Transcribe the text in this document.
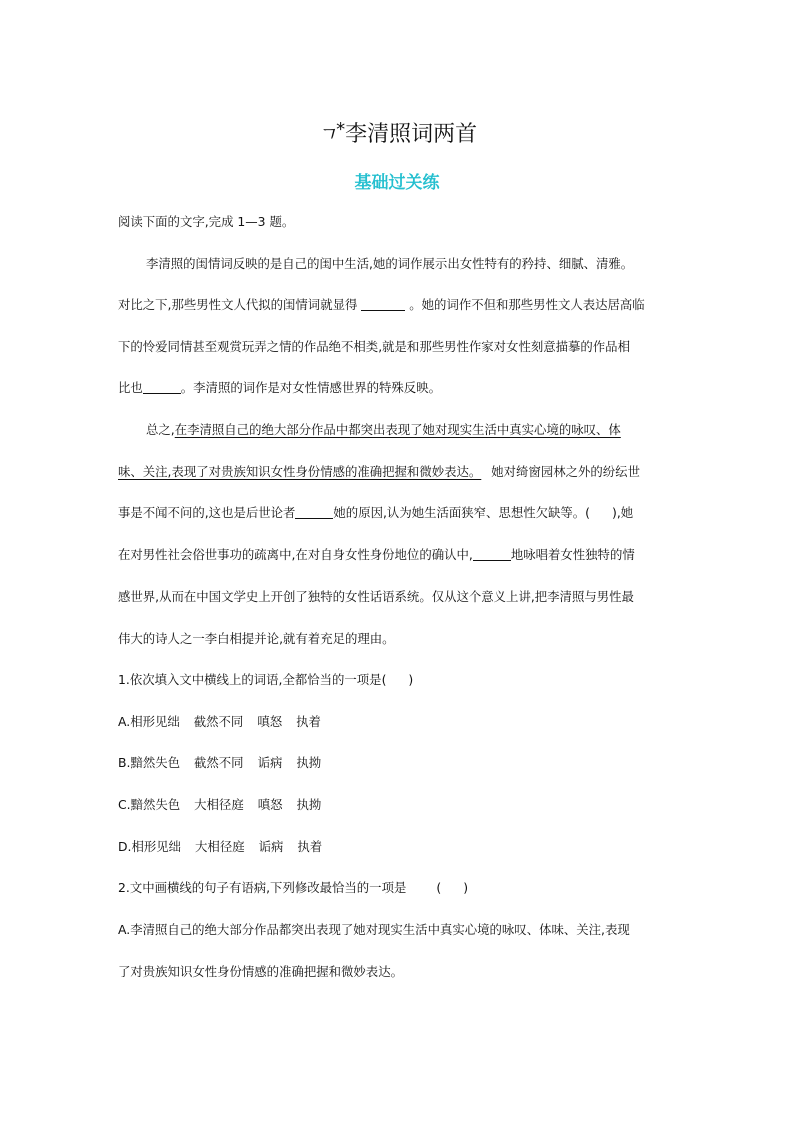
ㄱ*李清照词两首
基础过关练
阅读下面的文字,完成 1—3 题。
李清照的闺情词反映的是自己的闺中生活,她的词作展示出女性特有的矜持、细腻、清雅。
对比之下,那些男性文人代拟的闺情词就显得	。她的词作不但和那些男性文人表达居高临
下的怜爱同情甚至观赏玩弄之情的作品绝不相类,就是和那些男性作家对女性刻意描摹的作品相
比也	。李清照的词作是对女性情感世界的特殊反映。
总之,在李清照自己的绝大部分作品中都突出表现了她对现实生活中真实心境的咏叹、体
味、关注,表现了对贵族知识女性身份情感的准确把握和微妙表达。 她对绮窗园林之外的纷纭世
事是不闻不问的,这也是后世论者	她的原因,认为她生活面狭窄、思想性欠缺等。( ),她
在对男性社会俗世事功的疏离中,在对自身女性身份地位的确认中,	地咏唱着女性独特的情
感世界,从而在中国文学史上开创了独特的女性话语系统。仅从这个意义上讲,把李清照与男性最
伟大的诗人之一李白相提并论,就有着充足的理由。
1.依次填入文中横线上的词语,全都恰当的一项是( )
A.相形见绌 截然不同 嗔怒 执着
B.黯然失色 截然不同 诟病 执拗
C.黯然失色 大相径庭 嗔怒 执拗
D.相形见绌 大相径庭 诟病 执着
2.文中画横线的句子有语病,下列修改最恰当的一项是 ( )
A.李清照自己的绝大部分作品都突出表现了她对现实生活中真实心境的咏叹、体味、关注,表现
了对贵族知识女性身份情感的准确把握和微妙表达。
